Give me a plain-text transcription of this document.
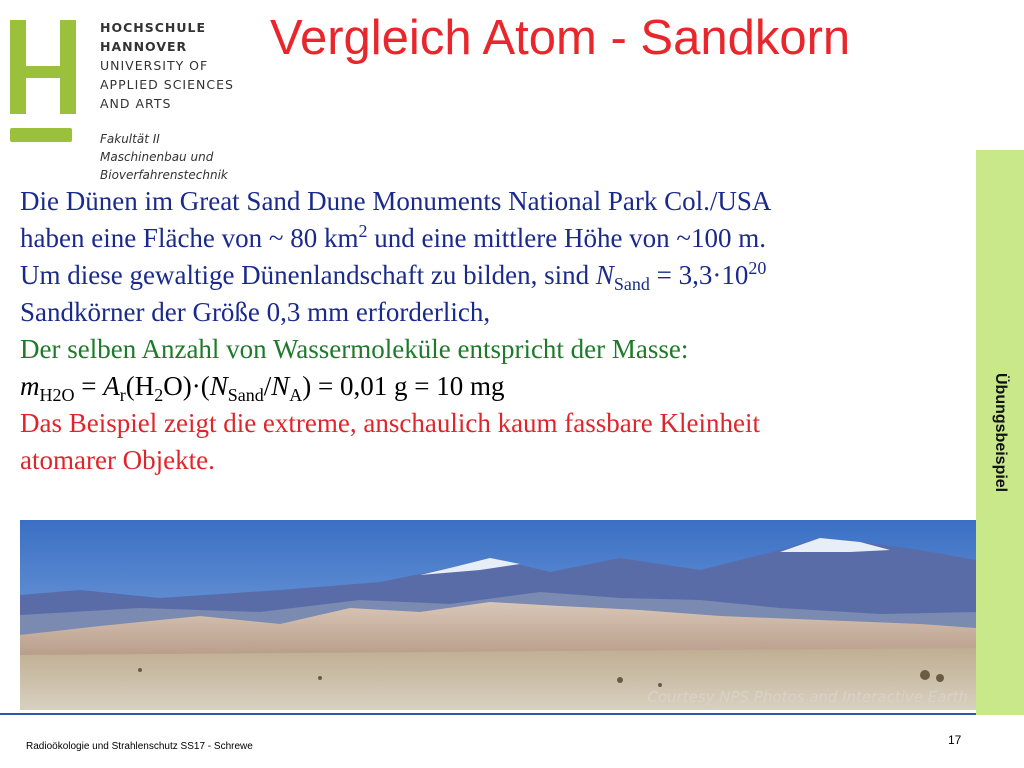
HOCHSCHULE
HANNOVER
UNIVERSITY OF
APPLIED SCIENCES
AND ARTS
Fakultät II
Maschinenbau und
Bioverfahrenstechnik
Vergleich Atom - Sandkorn
Die Dünen im Great Sand Dune Monuments National Park Col./USA
haben eine Fläche von ~ 80 $km^2$ und eine mittlere Höhe von ~100 m.
Um diese gewaltige Dünenlandschaft zu bilden, sind $N_{Sand} = 3,3\cdot 10^{20}$
Sandkörner der Größe 0,3 mm erforderlich,
Der selben Anzahl von Wassermoleküle entspricht der Masse:
$m_{H2O} = A_r(H_2O)\cdot(N_{Sand}/N_A) = 0,01$ g = 10 mg
Das Beispiel zeigt die extreme, anschaulich kaum fassbare Kleinheit
atomarer Objekte.	Übungsbeispiel
Courtesy NPS Photos and Interactive Earth
Radioökologie und Strahlenschutz SS17 - Schrewe	17
